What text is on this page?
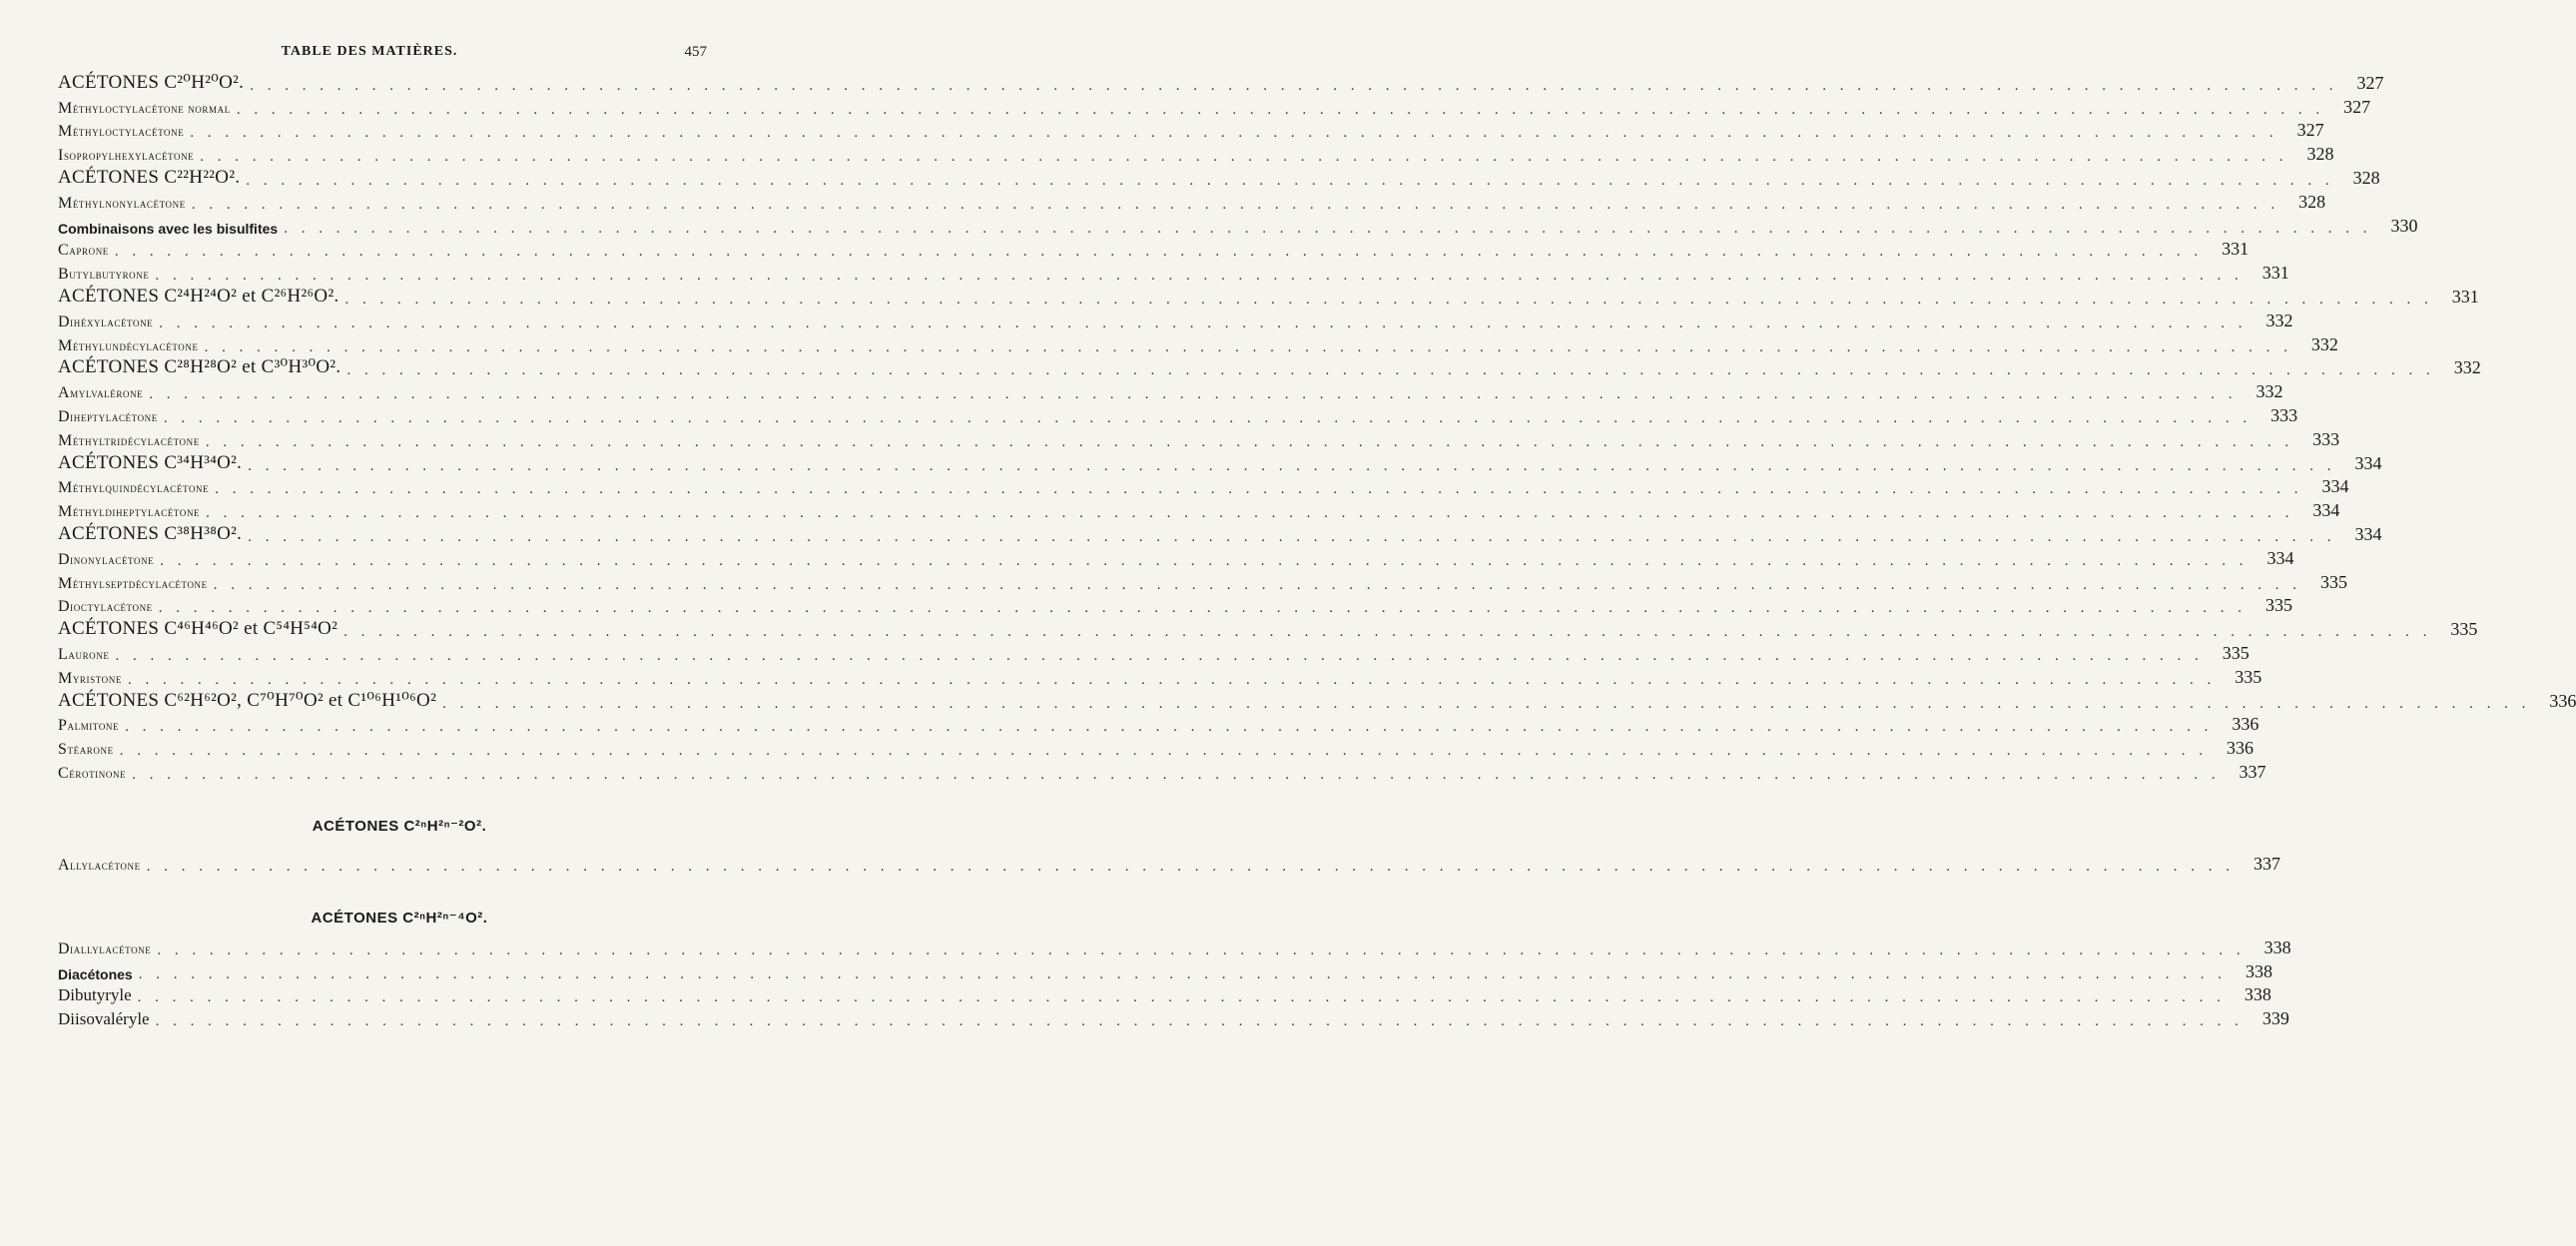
TABLE DES MATIÈRES.	457
ACÉTONES C²⁰H²⁰O². . . . . . . . . . . . . . . . . . . . . . . . . . . . . . . . . . . . . . . . . . . . . . . . . . . . . . . . . . . . . . . . . . . . . . . . . . . . . . . . . . . . . . . . . . . . . . . . . . . . . . . . . . . . . . . . . . . . . . . . .	327
Méthyloctylacétone normal . . . . . . . . . . . . . . . . . . . . . . . . . . . . . . . . . . . . . . . . . . . . . . . . . . . . . . . . . . . . . . . . . . . . . . . . . . . . . . . . . . . . . . . . . . . . . . . . . . . . . . . . . . . . . . . . . . . . . . . .	327
Méthyloctylacétone . . . . . . . . . . . . . . . . . . . . . . . . . . . . . . . . . . . . . . . . . . . . . . . . . . . . . . . . . . . . . . . . . . . . . . . . . . . . . . . . . . . . . . . . . . . . . . . . . . . . . . . . . . . . . . . . . . . . . . . .	327
Isopropylhexylacétone . . . . . . . . . . . . . . . . . . . . . . . . . . . . . . . . . . . . . . . . . . . . . . . . . . . . . . . . . . . . . . . . . . . . . . . . . . . . . . . . . . . . . . . . . . . . . . . . . . . . . . . . . . . . . . . . . . . . . . . .	328
ACÉTONES C²²H²²O². . . . . . . . . . . . . . . . . . . . . . . . . . . . . . . . . . . . . . . . . . . . . . . . . . . . . . . . . . . . . . . . . . . . . . . . . . . . . . . . . . . . . . . . . . . . . . . . . . . . . . . . . . . . . . . . . . . . . . . . .	328
Méthylnonylacétone . . . . . . . . . . . . . . . . . . . . . . . . . . . . . . . . . . . . . . . . . . . . . . . . . . . . . . . . . . . . . . . . . . . . . . . . . . . . . . . . . . . . . . . . . . . . . . . . . . . . . . . . . . . . . . . . . . . . . . . .	328
Combinaisons avec les bisulfites . . . . . . . . . . . . . . . . . . . . . . . . . . . . . . . . . . . . . . . . . . . . . . . . . . . . . . . . . . . . . . . . . . . . . . . . . . . . . . . . . . . . . . . . . . . . . . . . . . . . . . . . . . . . . . . . . . . . . . . .	330
Caprone . . . . . . . . . . . . . . . . . . . . . . . . . . . . . . . . . . . . . . . . . . . . . . . . . . . . . . . . . . . . . . . . . . . . . . . . . . . . . . . . . . . . . . . . . . . . . . . . . . . . . . . . . . . . . . . . . . . . . . . .	331
Butylbutyrone . . . . . . . . . . . . . . . . . . . . . . . . . . . . . . . . . . . . . . . . . . . . . . . . . . . . . . . . . . . . . . . . . . . . . . . . . . . . . . . . . . . . . . . . . . . . . . . . . . . . . . . . . . . . . . . . . . . . . . . .	331
ACÉTONES C²⁴H²⁴O² et C²⁶H²⁶O². . . . . . . . . . . . . . . . . . . . . . . . . . . . . . . . . . . . . . . . . . . . . . . . . . . . . . . . . . . . . . . . . . . . . . . . . . . . . . . . . . . . . . . . . . . . . . . . . . . . . . . . . . . . . . . . . . . . . . . . .	331
Dihéxylacétone . . . . . . . . . . . . . . . . . . . . . . . . . . . . . . . . . . . . . . . . . . . . . . . . . . . . . . . . . . . . . . . . . . . . . . . . . . . . . . . . . . . . . . . . . . . . . . . . . . . . . . . . . . . . . . . . . . . . . . . .	332
Méthylundécylacétone . . . . . . . . . . . . . . . . . . . . . . . . . . . . . . . . . . . . . . . . . . . . . . . . . . . . . . . . . . . . . . . . . . . . . . . . . . . . . . . . . . . . . . . . . . . . . . . . . . . . . . . . . . . . . . . . . . . . . . . .	332
ACÉTONES C²⁸H²⁸O² et C³⁰H³⁰O². . . . . . . . . . . . . . . . . . . . . . . . . . . . . . . . . . . . . . . . . . . . . . . . . . . . . . . . . . . . . . . . . . . . . . . . . . . . . . . . . . . . . . . . . . . . . . . . . . . . . . . . . . . . . . . . . . . . . . . . .	332
Amylvalérone . . . . . . . . . . . . . . . . . . . . . . . . . . . . . . . . . . . . . . . . . . . . . . . . . . . . . . . . . . . . . . . . . . . . . . . . . . . . . . . . . . . . . . . . . . . . . . . . . . . . . . . . . . . . . . . . . . . . . . . .	332
Diheptylacétone . . . . . . . . . . . . . . . . . . . . . . . . . . . . . . . . . . . . . . . . . . . . . . . . . . . . . . . . . . . . . . . . . . . . . . . . . . . . . . . . . . . . . . . . . . . . . . . . . . . . . . . . . . . . . . . . . . . . . . . .	333
Méthyltridécylacétone . . . . . . . . . . . . . . . . . . . . . . . . . . . . . . . . . . . . . . . . . . . . . . . . . . . . . . . . . . . . . . . . . . . . . . . . . . . . . . . . . . . . . . . . . . . . . . . . . . . . . . . . . . . . . . . . . . . . . . . .	333
ACÉTONES C³⁴H³⁴O². . . . . . . . . . . . . . . . . . . . . . . . . . . . . . . . . . . . . . . . . . . . . . . . . . . . . . . . . . . . . . . . . . . . . . . . . . . . . . . . . . . . . . . . . . . . . . . . . . . . . . . . . . . . . . . . . . . . . . . . .	334
Méthylquindécylacétone . . . . . . . . . . . . . . . . . . . . . . . . . . . . . . . . . . . . . . . . . . . . . . . . . . . . . . . . . . . . . . . . . . . . . . . . . . . . . . . . . . . . . . . . . . . . . . . . . . . . . . . . . . . . . . . . . . . . . . . .	334
Méthyldiheptylacétone . . . . . . . . . . . . . . . . . . . . . . . . . . . . . . . . . . . . . . . . . . . . . . . . . . . . . . . . . . . . . . . . . . . . . . . . . . . . . . . . . . . . . . . . . . . . . . . . . . . . . . . . . . . . . . . . . . . . . . . .	334
ACÉTONES C³⁸H³⁸O². . . . . . . . . . . . . . . . . . . . . . . . . . . . . . . . . . . . . . . . . . . . . . . . . . . . . . . . . . . . . . . . . . . . . . . . . . . . . . . . . . . . . . . . . . . . . . . . . . . . . . . . . . . . . . . . . . . . . . . . .	334
Dinonylacétone . . . . . . . . . . . . . . . . . . . . . . . . . . . . . . . . . . . . . . . . . . . . . . . . . . . . . . . . . . . . . . . . . . . . . . . . . . . . . . . . . . . . . . . . . . . . . . . . . . . . . . . . . . . . . . . . . . . . . . . .	334
Méthylseptdécylacétone . . . . . . . . . . . . . . . . . . . . . . . . . . . . . . . . . . . . . . . . . . . . . . . . . . . . . . . . . . . . . . . . . . . . . . . . . . . . . . . . . . . . . . . . . . . . . . . . . . . . . . . . . . . . . . . . . . . . . . . .	335
Dioctylacétone . . . . . . . . . . . . . . . . . . . . . . . . . . . . . . . . . . . . . . . . . . . . . . . . . . . . . . . . . . . . . . . . . . . . . . . . . . . . . . . . . . . . . . . . . . . . . . . . . . . . . . . . . . . . . . . . . . . . . . . .	335
ACÉTONES C⁴⁶H⁴⁶O² et C⁵⁴H⁵⁴O² . . . . . . . . . . . . . . . . . . . . . . . . . . . . . . . . . . . . . . . . . . . . . . . . . . . . . . . . . . . . . . . . . . . . . . . . . . . . . . . . . . . . . . . . . . . . . . . . . . . . . . . . . . . . . . . . . . . . . . . .	335
Laurone . . . . . . . . . . . . . . . . . . . . . . . . . . . . . . . . . . . . . . . . . . . . . . . . . . . . . . . . . . . . . . . . . . . . . . . . . . . . . . . . . . . . . . . . . . . . . . . . . . . . . . . . . . . . . . . . . . . . . . . .	335
Myristone . . . . . . . . . . . . . . . . . . . . . . . . . . . . . . . . . . . . . . . . . . . . . . . . . . . . . . . . . . . . . . . . . . . . . . . . . . . . . . . . . . . . . . . . . . . . . . . . . . . . . . . . . . . . . . . . . . . . . . . .	335
ACÉTONES C⁶²H⁶²O², C⁷⁰H⁷⁰O² et C¹⁰⁶H¹⁰⁶O² . . . . . . . . . . . . . . . . . . . . . . . . . . . . . . . . . . . . . . . . . . . . . . . . . . . . . . . . . . . . . . . . . . . . . . . . . . . . . . . . . . . . . . . . . . . . . . . . . . . . . . . . . . . . . . . . . . . . . . . .	336
Palmitone . . . . . . . . . . . . . . . . . . . . . . . . . . . . . . . . . . . . . . . . . . . . . . . . . . . . . . . . . . . . . . . . . . . . . . . . . . . . . . . . . . . . . . . . . . . . . . . . . . . . . . . . . . . . . . . . . . . . . . . .	336
Stéarone . . . . . . . . . . . . . . . . . . . . . . . . . . . . . . . . . . . . . . . . . . . . . . . . . . . . . . . . . . . . . . . . . . . . . . . . . . . . . . . . . . . . . . . . . . . . . . . . . . . . . . . . . . . . . . . . . . . . . . . .	336
Cérotinone . . . . . . . . . . . . . . . . . . . . . . . . . . . . . . . . . . . . . . . . . . . . . . . . . . . . . . . . . . . . . . . . . . . . . . . . . . . . . . . . . . . . . . . . . . . . . . . . . . . . . . . . . . . . . . . . . . . . . . . .	337
ACÉTONES C²ⁿH²ⁿ⁻²O².
Allylacétone . . . . . . . . . . . . . . . . . . . . . . . . . . . . . . . . . . . . . . . . . . . . . . . . . . . . . . . . . . . . . . . . . . . . . . . . . . . . . . . . . . . . . . . . . . . . . . . . . . . . . . . . . . . . . . . . . . . . . . . .	337
ACÉTONES C²ⁿH²ⁿ⁻⁴O².
Diallylacétone . . . . . . . . . . . . . . . . . . . . . . . . . . . . . . . . . . . . . . . . . . . . . . . . . . . . . . . . . . . . . . . . . . . . . . . . . . . . . . . . . . . . . . . . . . . . . . . . . . . . . . . . . . . . . . . . . . . . . . . .	338
Diacétones . . . . . . . . . . . . . . . . . . . . . . . . . . . . . . . . . . . . . . . . . . . . . . . . . . . . . . . . . . . . . . . . . . . . . . . . . . . . . . . . . . . . . . . . . . . . . . . . . . . . . . . . . . . . . . . . . . . . . . . .	338
Dibutyryle . . . . . . . . . . . . . . . . . . . . . . . . . . . . . . . . . . . . . . . . . . . . . . . . . . . . . . . . . . . . . . . . . . . . . . . . . . . . . . . . . . . . . . . . . . . . . . . . . . . . . . . . . . . . . . . . . . . . . . . .	338
Diisovaléryle . . . . . . . . . . . . . . . . . . . . . . . . . . . . . . . . . . . . . . . . . . . . . . . . . . . . . . . . . . . . . . . . . . . . . . . . . . . . . . . . . . . . . . . . . . . . . . . . . . . . . . . . . . . . . . . . . . . . . . . .	339
